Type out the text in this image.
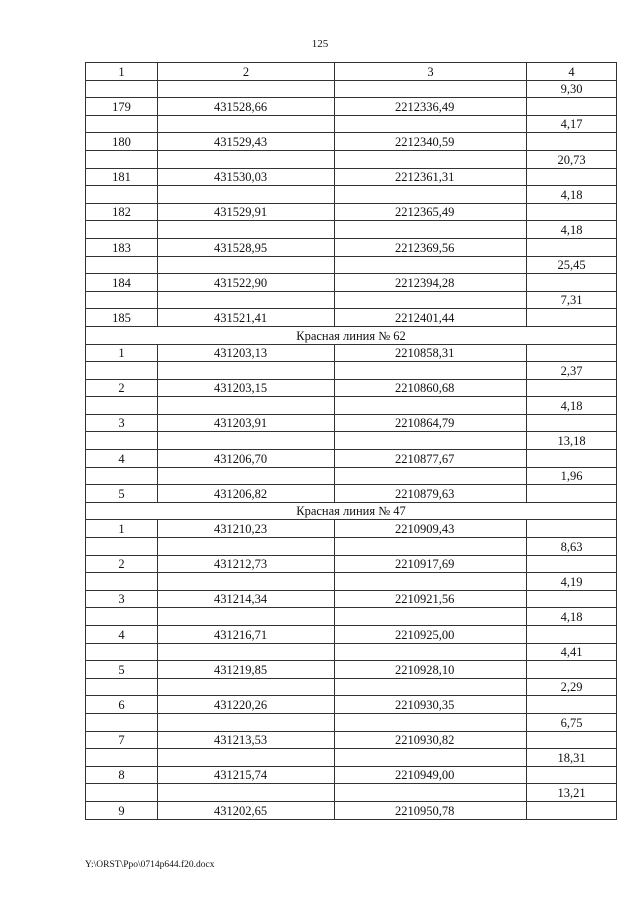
125
1	2	3	4
			9,30
179	431528,66	2212336,49	
			4,17
180	431529,43	2212340,59	
			20,73
181	431530,03	2212361,31	
			4,18
182	431529,91	2212365,49	
			4,18
183	431528,95	2212369,56	
			25,45
184	431522,90	2212394,28	
			7,31
185	431521,41	2212401,44	
Красная линия № 62			
1	431203,13	2210858,31	
			2,37
2	431203,15	2210860,68	
			4,18
3	431203,91	2210864,79	
			13,18
4	431206,70	2210877,67	
			1,96
5	431206,82	2210879,63	
Красная линия № 47			
1	431210,23	2210909,43	
			8,63
2	431212,73	2210917,69	
			4,19
3	431214,34	2210921,56	
			4,18
4	431216,71	2210925,00	
			4,41
5	431219,85	2210928,10	
			2,29
6	431220,26	2210930,35	
			6,75
7	431213,53	2210930,82	
			18,31
8	431215,74	2210949,00	
			13,21
9	431202,65	2210950,78	
Y:\ORST\Ppo\0714p644.f20.docx
